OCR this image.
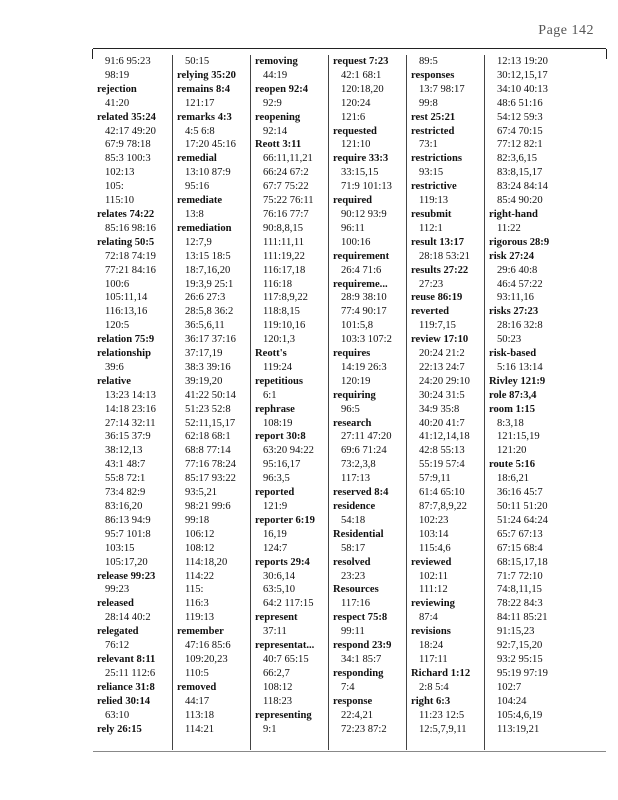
Page 142
91:6 95:23
98:19
rejection
41:20
related 35:24
42:17 49:20
67:9 78:18
85:3 100:3
102:13
105:
115:10
relates 74:22
85:16 98:16
relating 50:5
72:18 74:19
77:21 84:16
100:6
105:11,14
116:13,16
120:5
relation 75:9
relationship
39:6
relative
13:23 14:13
14:18 23:16
27:14 32:11
36:15 37:9
38:12,13
43:1 48:7
55:8 72:1
73:4 82:9
83:16,20
86:13 94:9
95:7 101:8
103:15
105:17,20
release 99:23
99:23
released
28:14 40:2
relegated
76:12
relevant 8:11
25:11 112:6
reliance 31:8
relied 30:14
63:10
rely 26:15
50:15
relying 35:20
remains 8:4
121:17
remarks 4:3
4:5 6:8
17:20 45:16
remedial
13:10 87:9
95:16
remediate
13:8
remediation
12:7,9
13:15 18:5
18:7,16,20
19:3,9 25:1
26:6 27:3
28:5,8 36:2
36:5,6,11
36:17 37:16
37:17,19
38:3 39:16
39:19,20
41:22 50:14
51:23 52:8
52:11,15,17
62:18 68:1
68:8 77:14
77:16 78:24
85:17 93:22
93:5,21
98:21 99:6
99:18
106:12
108:12
114:18,20
114:22
115:
116:3
119:13
remember
47:16 85:6
109:20,23
110:5
removed
44:17
113:18
114:21
removing
44:19
reopen 92:4
92:9
reopening
92:14
Reott 3:11
66:11,11,21
66:24 67:2
67:7 75:22
75:22 76:11
76:16 77:7
90:8,8,15
111:11,11
111:19,22
116:17,18
116:18
117:8,9,22
118:8,15
119:10,16
120:1,3
Reott's
119:24
repetitious
6:1
rephrase
108:19
report 30:8
63:20 94:22
95:16,17
96:3,5
reported
121:9
reporter 6:19
16,19
124:7
reports 29:4
30:6,14
63:5,10
64:2 117:15
represent
37:11
representat...
40:7 65:15
66:2,7
108:12
118:23
representing
9:1
request 7:23
42:1 68:1
120:18,20
120:24
121:6
requested
121:10
require 33:3
33:15,15
71:9 101:13
required
90:12 93:9
96:11
100:16
requirement
26:4 71:6
requireme...
28:9 38:10
77:4 90:17
101:5,8
103:3 107:2
requires
14:19 26:3
120:19
requiring
96:5
research
27:11 47:20
69:6 71:24
73:2,3,8
117:13
reserved 8:4
residence
54:18
Residential
58:17
resolved
23:23
Resources
117:16
respect 75:8
99:11
respond 23:9
34:1 85:7
responding
7:4
response
22:4,21
72:23 87:2
89:5
responses
13:7 98:17
99:8
rest 25:21
restricted
73:1
restrictions
93:15
restrictive
119:13
resubmit
112:1
result 13:17
28:18 53:21
results 27:22
27:23
reuse 86:19
reverted
119:7,15
review 17:10
20:24 21:2
22:13 24:7
24:20 29:10
30:24 31:5
34:9 35:8
40:20 41:7
41:12,14,18
42:8 55:13
55:19 57:4
57:9,11
61:4 65:10
87:7,8,9,22
102:23
103:14
115:4,6
reviewed
102:11
111:12
reviewing
87:4
revisions
18:24
117:11
Richard 1:12
2:8 5:4
right 6:3
11:23 12:5
12:5,7,9,11
12:13 19:20
30:12,15,17
34:10 40:13
48:6 51:16
54:12 59:3
67:4 70:15
77:12 82:1
82:3,6,15
83:8,15,17
83:24 84:14
85:4 90:20
right-hand
11:22
rigorous 28:9
risk 27:24
29:6 40:8
46:4 57:22
93:11,16
risks 27:23
28:16 32:8
50:23
risk-based
5:16 13:14
Rivley 121:9
role 87:3,4
room 1:15
8:3,18
121:15,19
121:20
route 5:16
18:6,21
36:16 45:7
50:11 51:20
51:24 64:24
65:7 67:13
67:15 68:4
68:15,17,18
71:7 72:10
74:8,11,15
78:22 84:3
84:11 85:21
91:15,23
92:7,15,20
93:2 95:15
95:19 97:19
102:7
104:24
105:4,6,19
113:19,21
